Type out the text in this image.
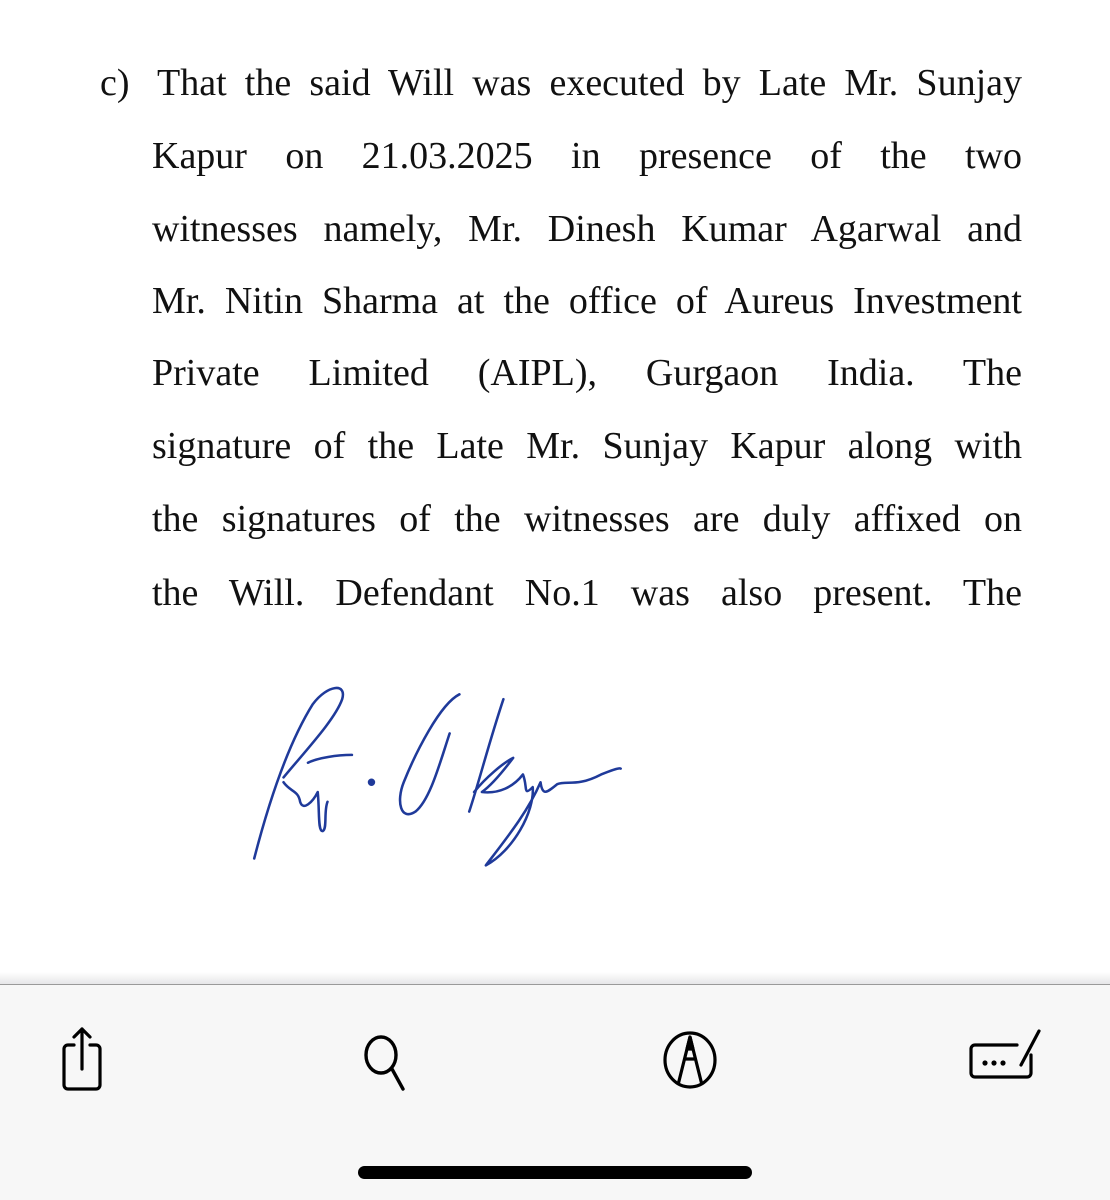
c) That the said Will was executed by Late Mr. Sunjay
Kapur on 21.03.2025 in presence of the two
witnesses namely, Mr. Dinesh Kumar Agarwal and
Mr. Nitin Sharma at the office of Aureus Investment
Private Limited (AIPL), Gurgaon India. The
signature of the Late Mr. Sunjay Kapur along with
the signatures of the witnesses are duly affixed on
the Will. Defendant No.1 was also present. The
